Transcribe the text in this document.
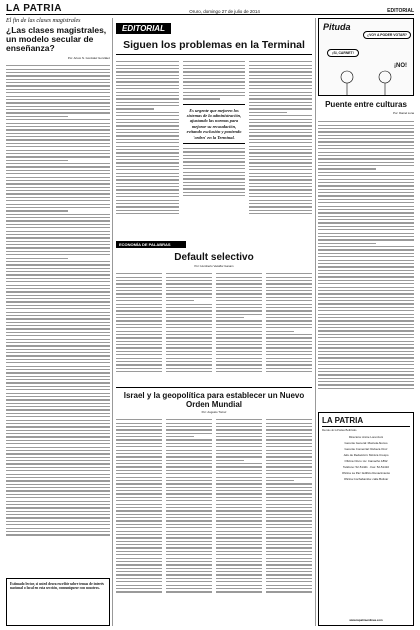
LA PATRIA	Oruro, domingo 27 de julio de 2014	EDITORIAL
El fin de las clases magistrales
¿Las clases magistrales, un modelo secular de enseñanza?
Por: Arturo N. González González
Estimado lector, si usted desea escribir sobre temas de interés nacional o local en esta sección, comuníquese con nosotros.
EDITORIAL
Siguen los problemas en la Terminal
Es urgente que mejoren los sistemas de la administración, ajustando las normas para mejorar su recaudación, evitando exclusión y poniendo 'orden' en la Terminal.
ECONOMÍA DE PALABRAS
Default selectivo
Por: Humberto Vacaflor Ganam
Israel y la geopolítica para establecer un Nuevo Orden Mundial
Por: Augusto Tórrez
Pituda
¿VOY A PODER VOTAR?
¡SI, CARNET!
¡NO!
Puente entre culturas
Por: Daniel Luna
LA PATRIA
Decano de la Prensa Boliviana
Directora: Annie Lorenzoni
Gerente General: Marcela Alonso
Gerente Comercial: Rebeca Oroz
Jefe de Redacción: Mónica Crespo
Oficina Oruro: Av. Camacho 1892
Teléfono: 52-51441 · Fax: 52-51410
Oficina La Paz: Edificio Renacimiento
Oficina Cochabamba: calle Bolívar
www.lapatriaenlinea.com
